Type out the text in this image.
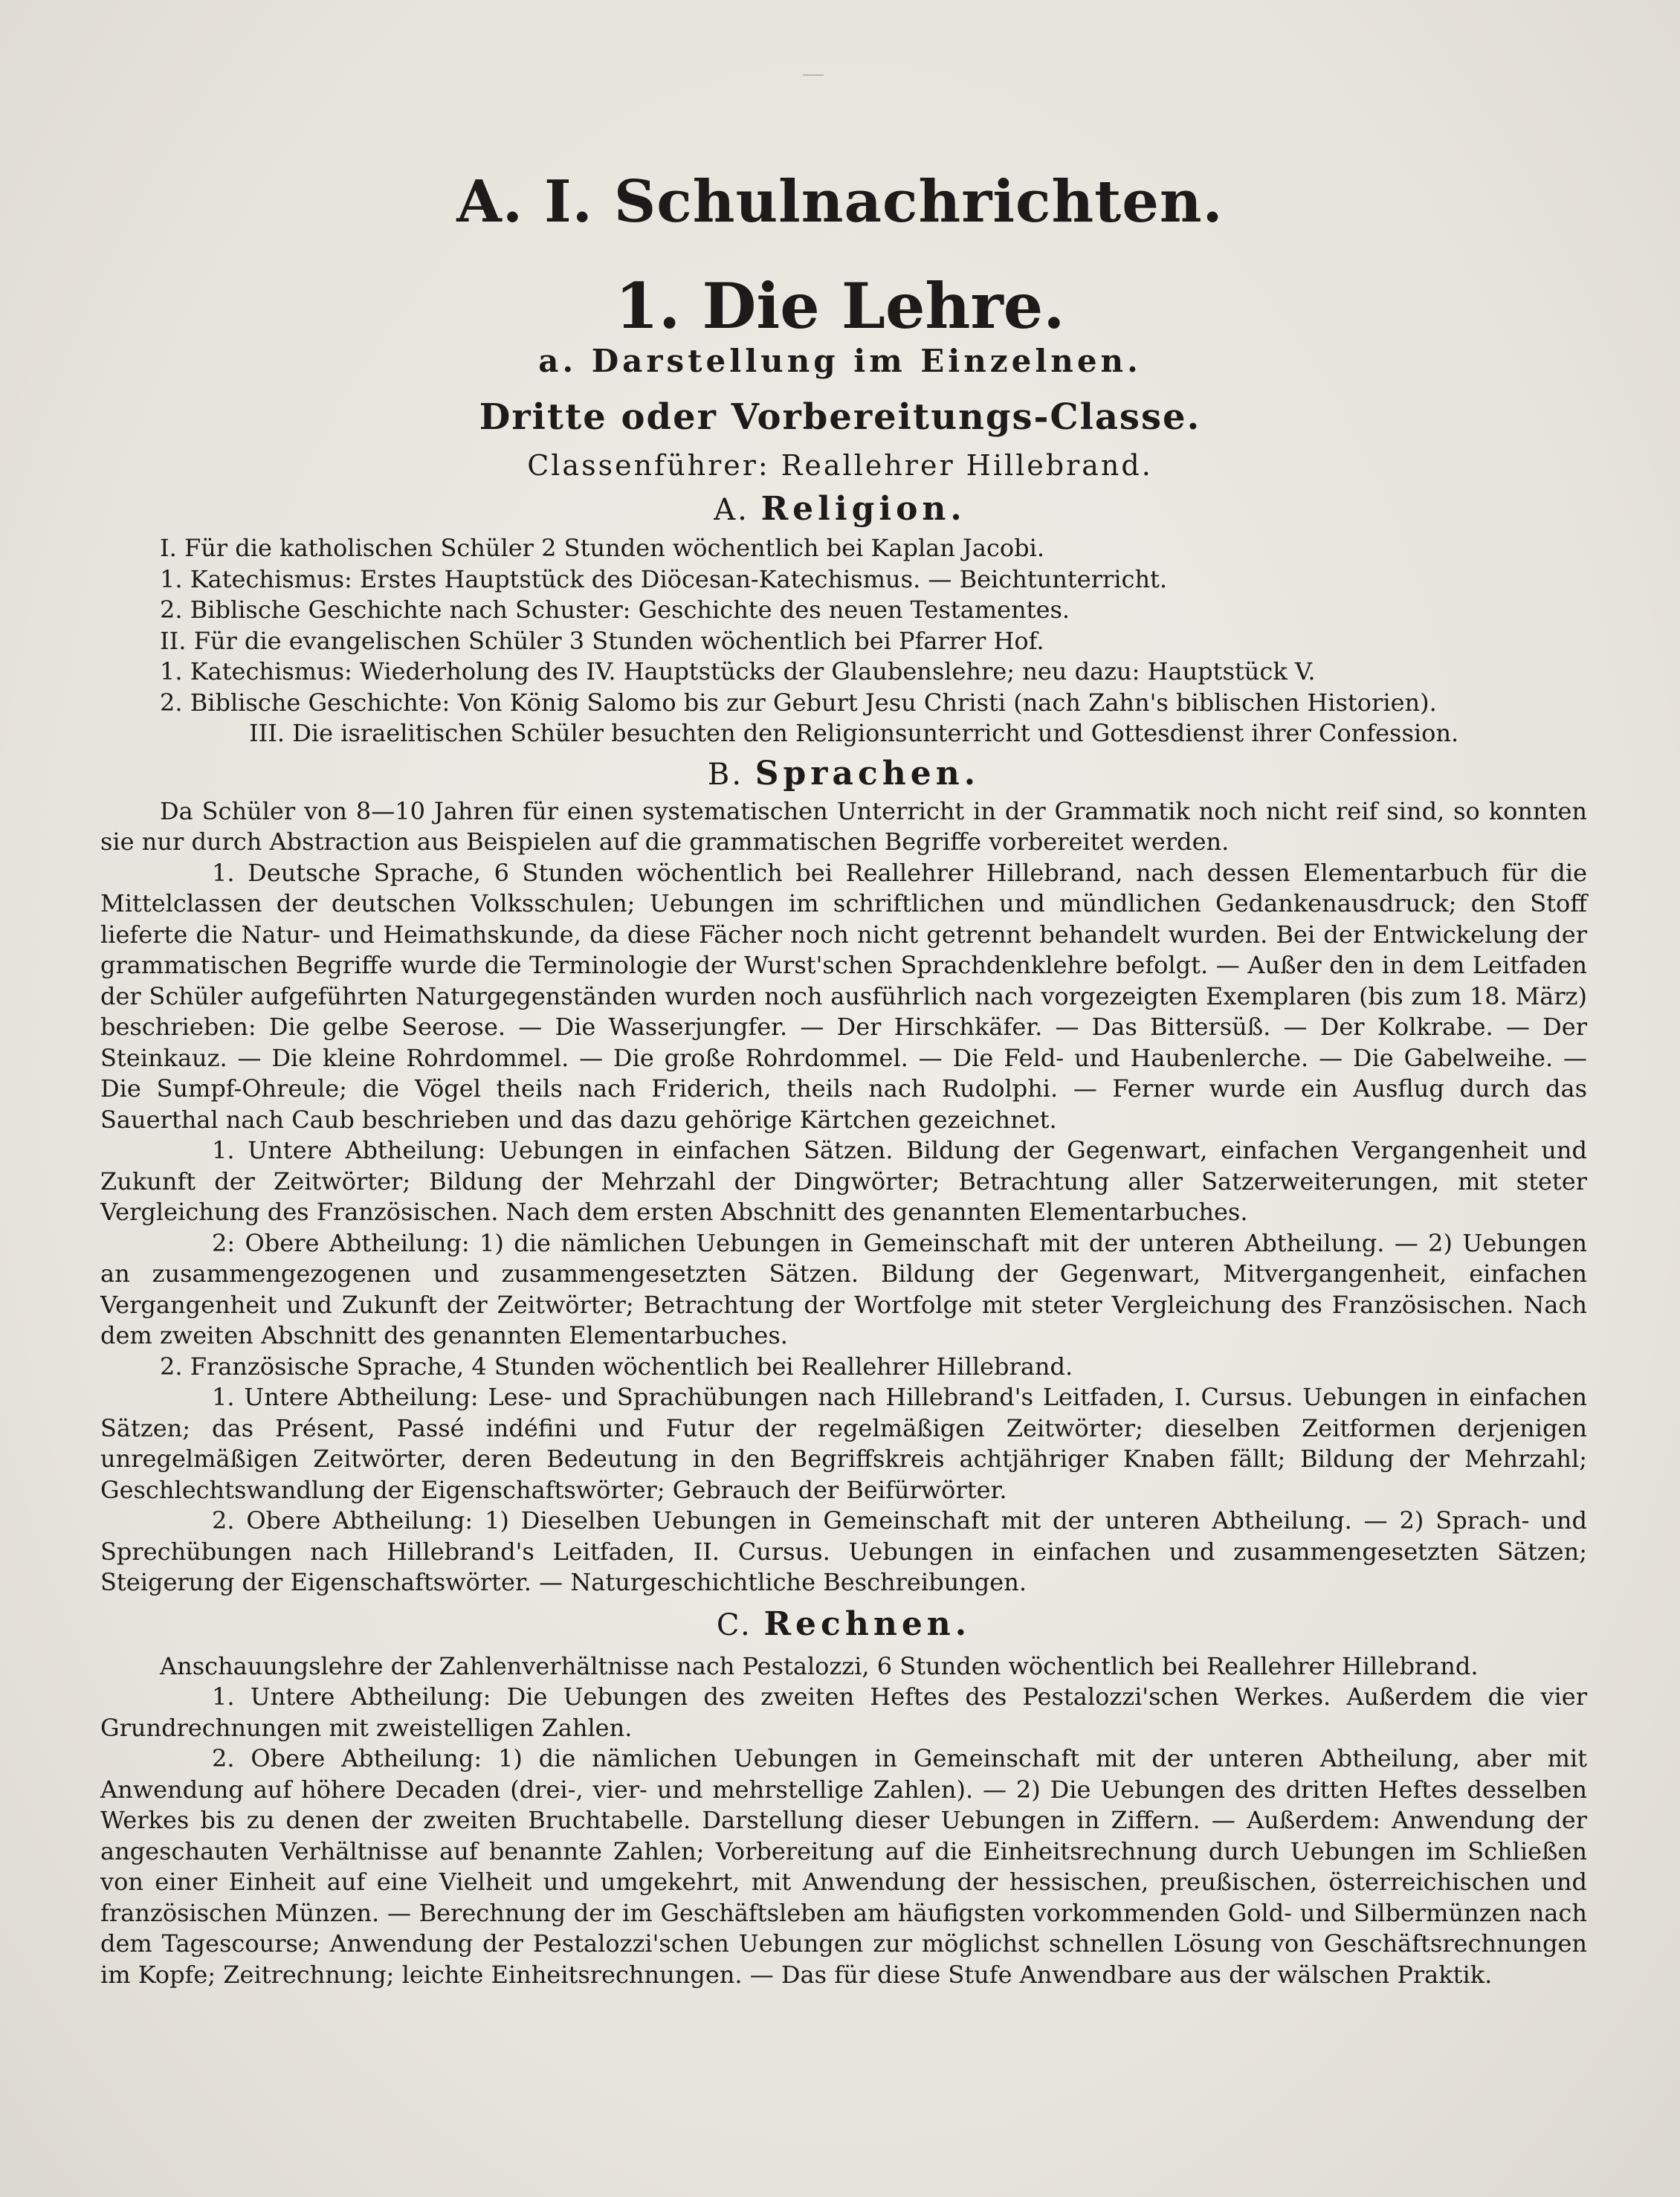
A. I. Schulnachrichten.
1. Die Lehre.
a. Darstellung im Einzelnen.
Dritte oder Vorbereitungs-Classe.
Classenführer: Reallehrer Hillebrand.
A. Religion.

I. Für die katholischen Schüler 2 Stunden wöchentlich bei Kaplan Jacobi.

1. Katechismus: Erstes Hauptstück des Diöcesan-Katechismus. — Beichtunterricht.

2. Biblische Geschichte nach Schuster: Geschichte des neuen Testamentes.

II. Für die evangelischen Schüler 3 Stunden wöchentlich bei Pfarrer Hof.

1. Katechismus: Wiederholung des IV. Hauptstücks der Glaubenslehre; neu dazu: Hauptstück V.

2. Biblische Geschichte: Von König Salomo bis zur Geburt Jesu Christi (nach Zahn's biblischen Historien).

III. Die israelitischen Schüler besuchten den Religionsunterricht und Gottesdienst ihrer Confession.

B. Sprachen.

Da Schüler von 8—10 Jahren für einen systematischen Unterricht in der Grammatik noch nicht reif sind, so konnten sie nur durch Abstraction aus Beispielen auf die grammatischen Begriffe vorbereitet werden.

1. Deutsche Sprache, 6 Stunden wöchentlich bei Reallehrer Hillebrand, nach dessen Elementarbuch für die Mittelclassen der deutschen Volksschulen; Uebungen im schriftlichen und mündlichen Gedankenausdruck; den Stoff lieferte die Natur- und Heimathskunde, da diese Fächer noch nicht getrennt behandelt wurden. Bei der Entwickelung der grammatischen Begriffe wurde die Terminologie der Wurst'schen Sprachdenklehre befolgt. — Außer den in dem Leitfaden der Schüler aufgeführten Naturgegenständen wurden noch ausführlich nach vorgezeigten Exemplaren (bis zum 18. März) beschrieben: Die gelbe Seerose. — Die Wasserjungfer. — Der Hirschkäfer. — Das Bittersüß. — Der Kolkrabe. — Der Steinkauz. — Die kleine Rohrdommel. — Die große Rohrdommel. — Die Feld- und Haubenlerche. — Die Gabelweihe. — Die Sumpf-Ohreule; die Vögel theils nach Friderich, theils nach Rudolphi. — Ferner wurde ein Ausflug durch das Sauerthal nach Caub beschrieben und das dazu gehörige Kärtchen gezeichnet.

1. Untere Abtheilung: Uebungen in einfachen Sätzen. Bildung der Gegenwart, einfachen Vergangenheit und Zukunft der Zeitwörter; Bildung der Mehrzahl der Dingwörter; Betrachtung aller Satzerweiterungen, mit steter Vergleichung des Französischen. Nach dem ersten Abschnitt des genannten Elementarbuches.

2: Obere Abtheilung: 1) die nämlichen Uebungen in Gemeinschaft mit der unteren Abtheilung. — 2) Uebungen an zusammengezogenen und zusammengesetzten Sätzen. Bildung der Gegenwart, Mitvergangenheit, einfachen Vergangenheit und Zukunft der Zeitwörter; Betrachtung der Wortfolge mit steter Vergleichung des Französischen. Nach dem zweiten Abschnitt des genannten Elementarbuches.

2. Französische Sprache, 4 Stunden wöchentlich bei Reallehrer Hillebrand.

1. Untere Abtheilung: Lese- und Sprachübungen nach Hillebrand's Leitfaden, I. Cursus. Uebungen in einfachen Sätzen; das Présent, Passé indéfini und Futur der regelmäßigen Zeitwörter; dieselben Zeitformen derjenigen unregelmäßigen Zeitwörter, deren Bedeutung in den Begriffskreis achtjähriger Knaben fällt; Bildung der Mehrzahl; Geschlechtswandlung der Eigenschaftswörter; Gebrauch der Beifürwörter.

2. Obere Abtheilung: 1) Dieselben Uebungen in Gemeinschaft mit der unteren Abtheilung. — 2) Sprach- und Sprechübungen nach Hillebrand's Leitfaden, II. Cursus. Uebungen in einfachen und zusammengesetzten Sätzen; Steigerung der Eigenschaftswörter. — Naturgeschichtliche Beschreibungen.

C. Rechnen.

Anschauungslehre der Zahlenverhältnisse nach Pestalozzi, 6 Stunden wöchentlich bei Reallehrer Hillebrand.

1. Untere Abtheilung: Die Uebungen des zweiten Heftes des Pestalozzi'schen Werkes. Außerdem die vier Grundrechnungen mit zweistelligen Zahlen.

2. Obere Abtheilung: 1) die nämlichen Uebungen in Gemeinschaft mit der unteren Abtheilung, aber mit Anwendung auf höhere Decaden (drei-, vier- und mehrstellige Zahlen). — 2) Die Uebungen des dritten Heftes desselben Werkes bis zu denen der zweiten Bruchtabelle. Darstellung dieser Uebungen in Ziffern. — Außerdem: Anwendung der angeschauten Verhältnisse auf benannte Zahlen; Vorbereitung auf die Einheitsrechnung durch Uebungen im Schließen von einer Einheit auf eine Vielheit und umgekehrt, mit Anwendung der hessischen, preußischen, österreichischen und französischen Münzen. — Berechnung der im Geschäftsleben am häufigsten vorkommenden Gold- und Silbermünzen nach dem Tagescourse; Anwendung der Pestalozzi'schen Uebungen zur möglichst schnellen Lösung von Geschäftsrechnungen im Kopfe; Zeitrechnung; leichte Einheitsrechnungen. — Das für diese Stufe Anwendbare aus der wälschen Praktik.
